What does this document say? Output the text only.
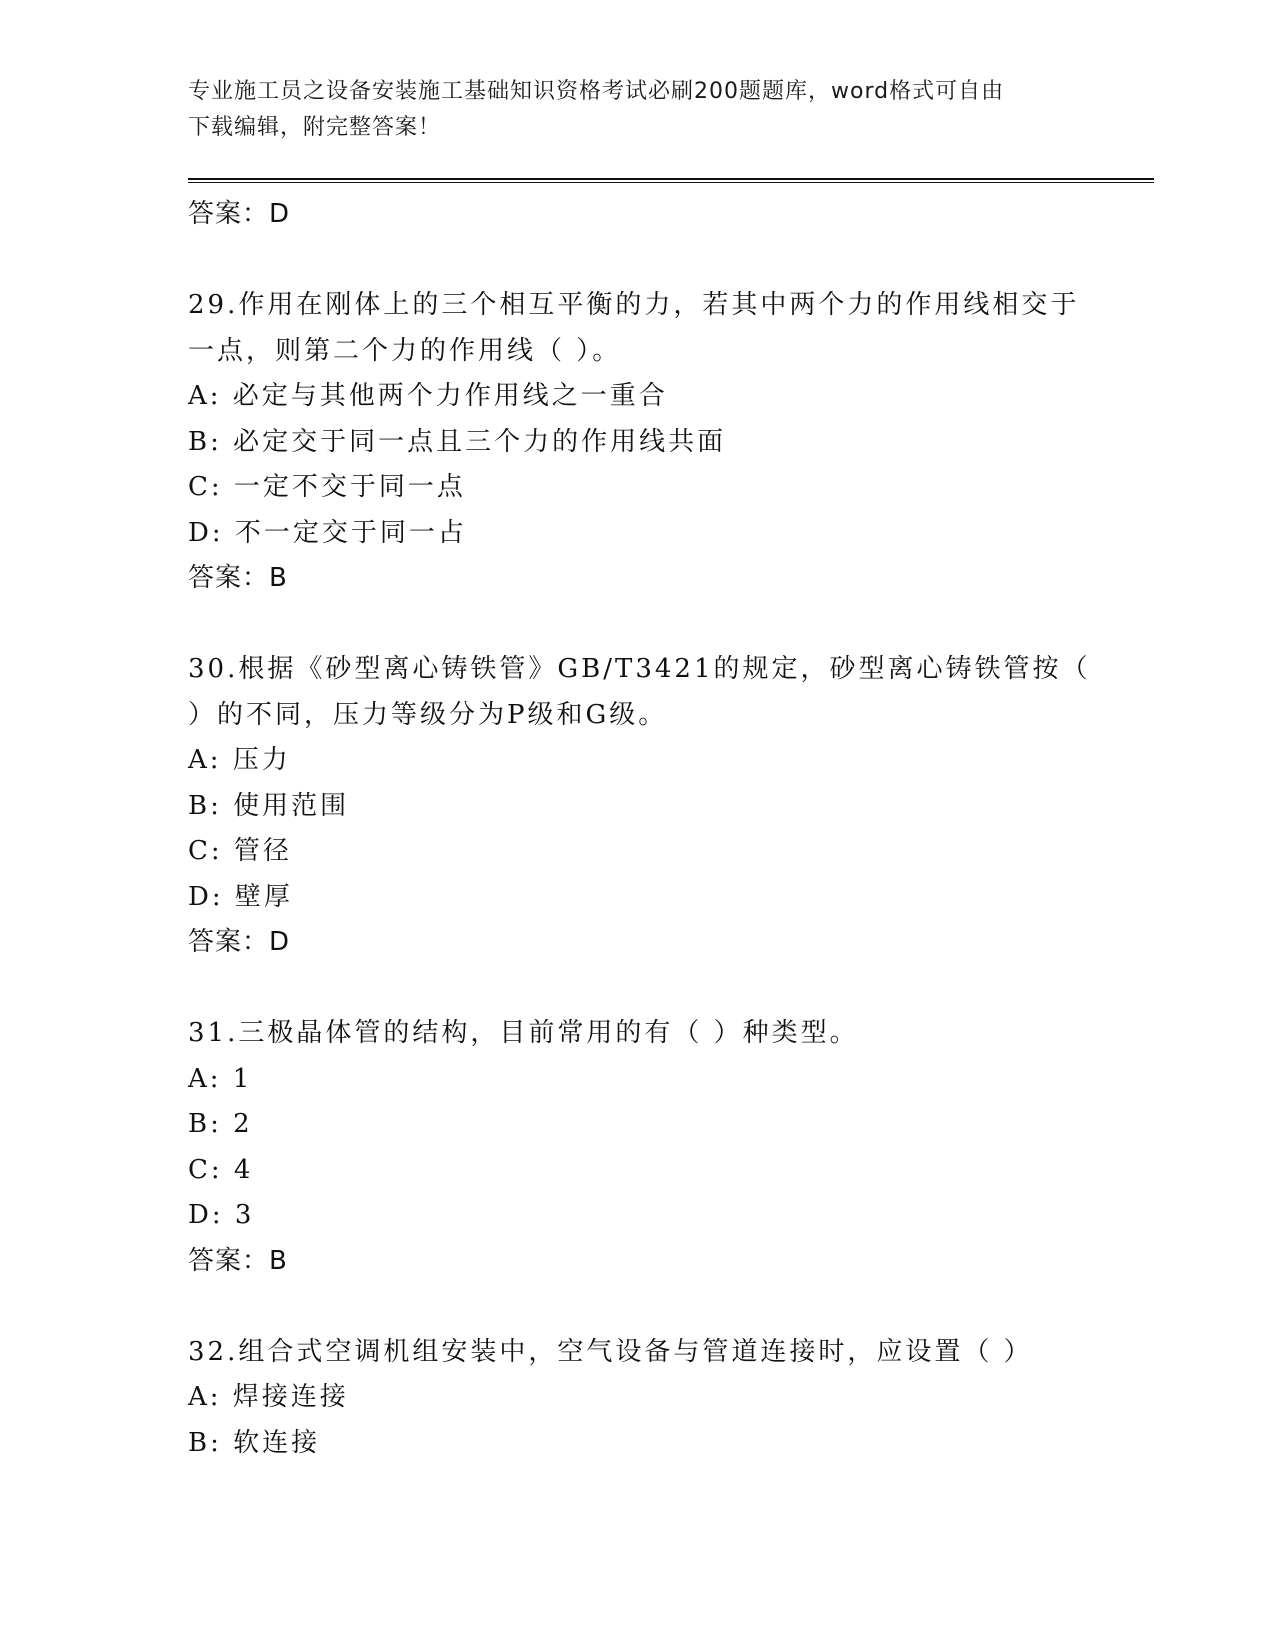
专业施工员之设备安装施工基础知识资格考试必刷200题题库，word格式可自由
下载编辑，附完整答案！
答案：D
29.作用在刚体上的三个相互平衡的力，若其中两个力的作用线相交于
一点，则第二个力的作用线（ ）。
A: 必定与其他两个力作用线之一重合
B: 必定交于同一点且三个力的作用线共面
C: 一定不交于同一点
D: 不一定交于同一占
答案：B
30.根据《砂型离心铸铁管》GB/T3421的规定，砂型离心铸铁管按（
）的不同，压力等级分为P级和G级。
A: 压力
B: 使用范围
C: 管径
D: 壁厚
答案：D
31.三极晶体管的结构，目前常用的有（ ）种类型。
A: 1
B: 2
C: 4
D: 3
答案：B
32.组合式空调机组安装中，空气设备与管道连接时，应设置（ ）
A: 焊接连接
B: 软连接
